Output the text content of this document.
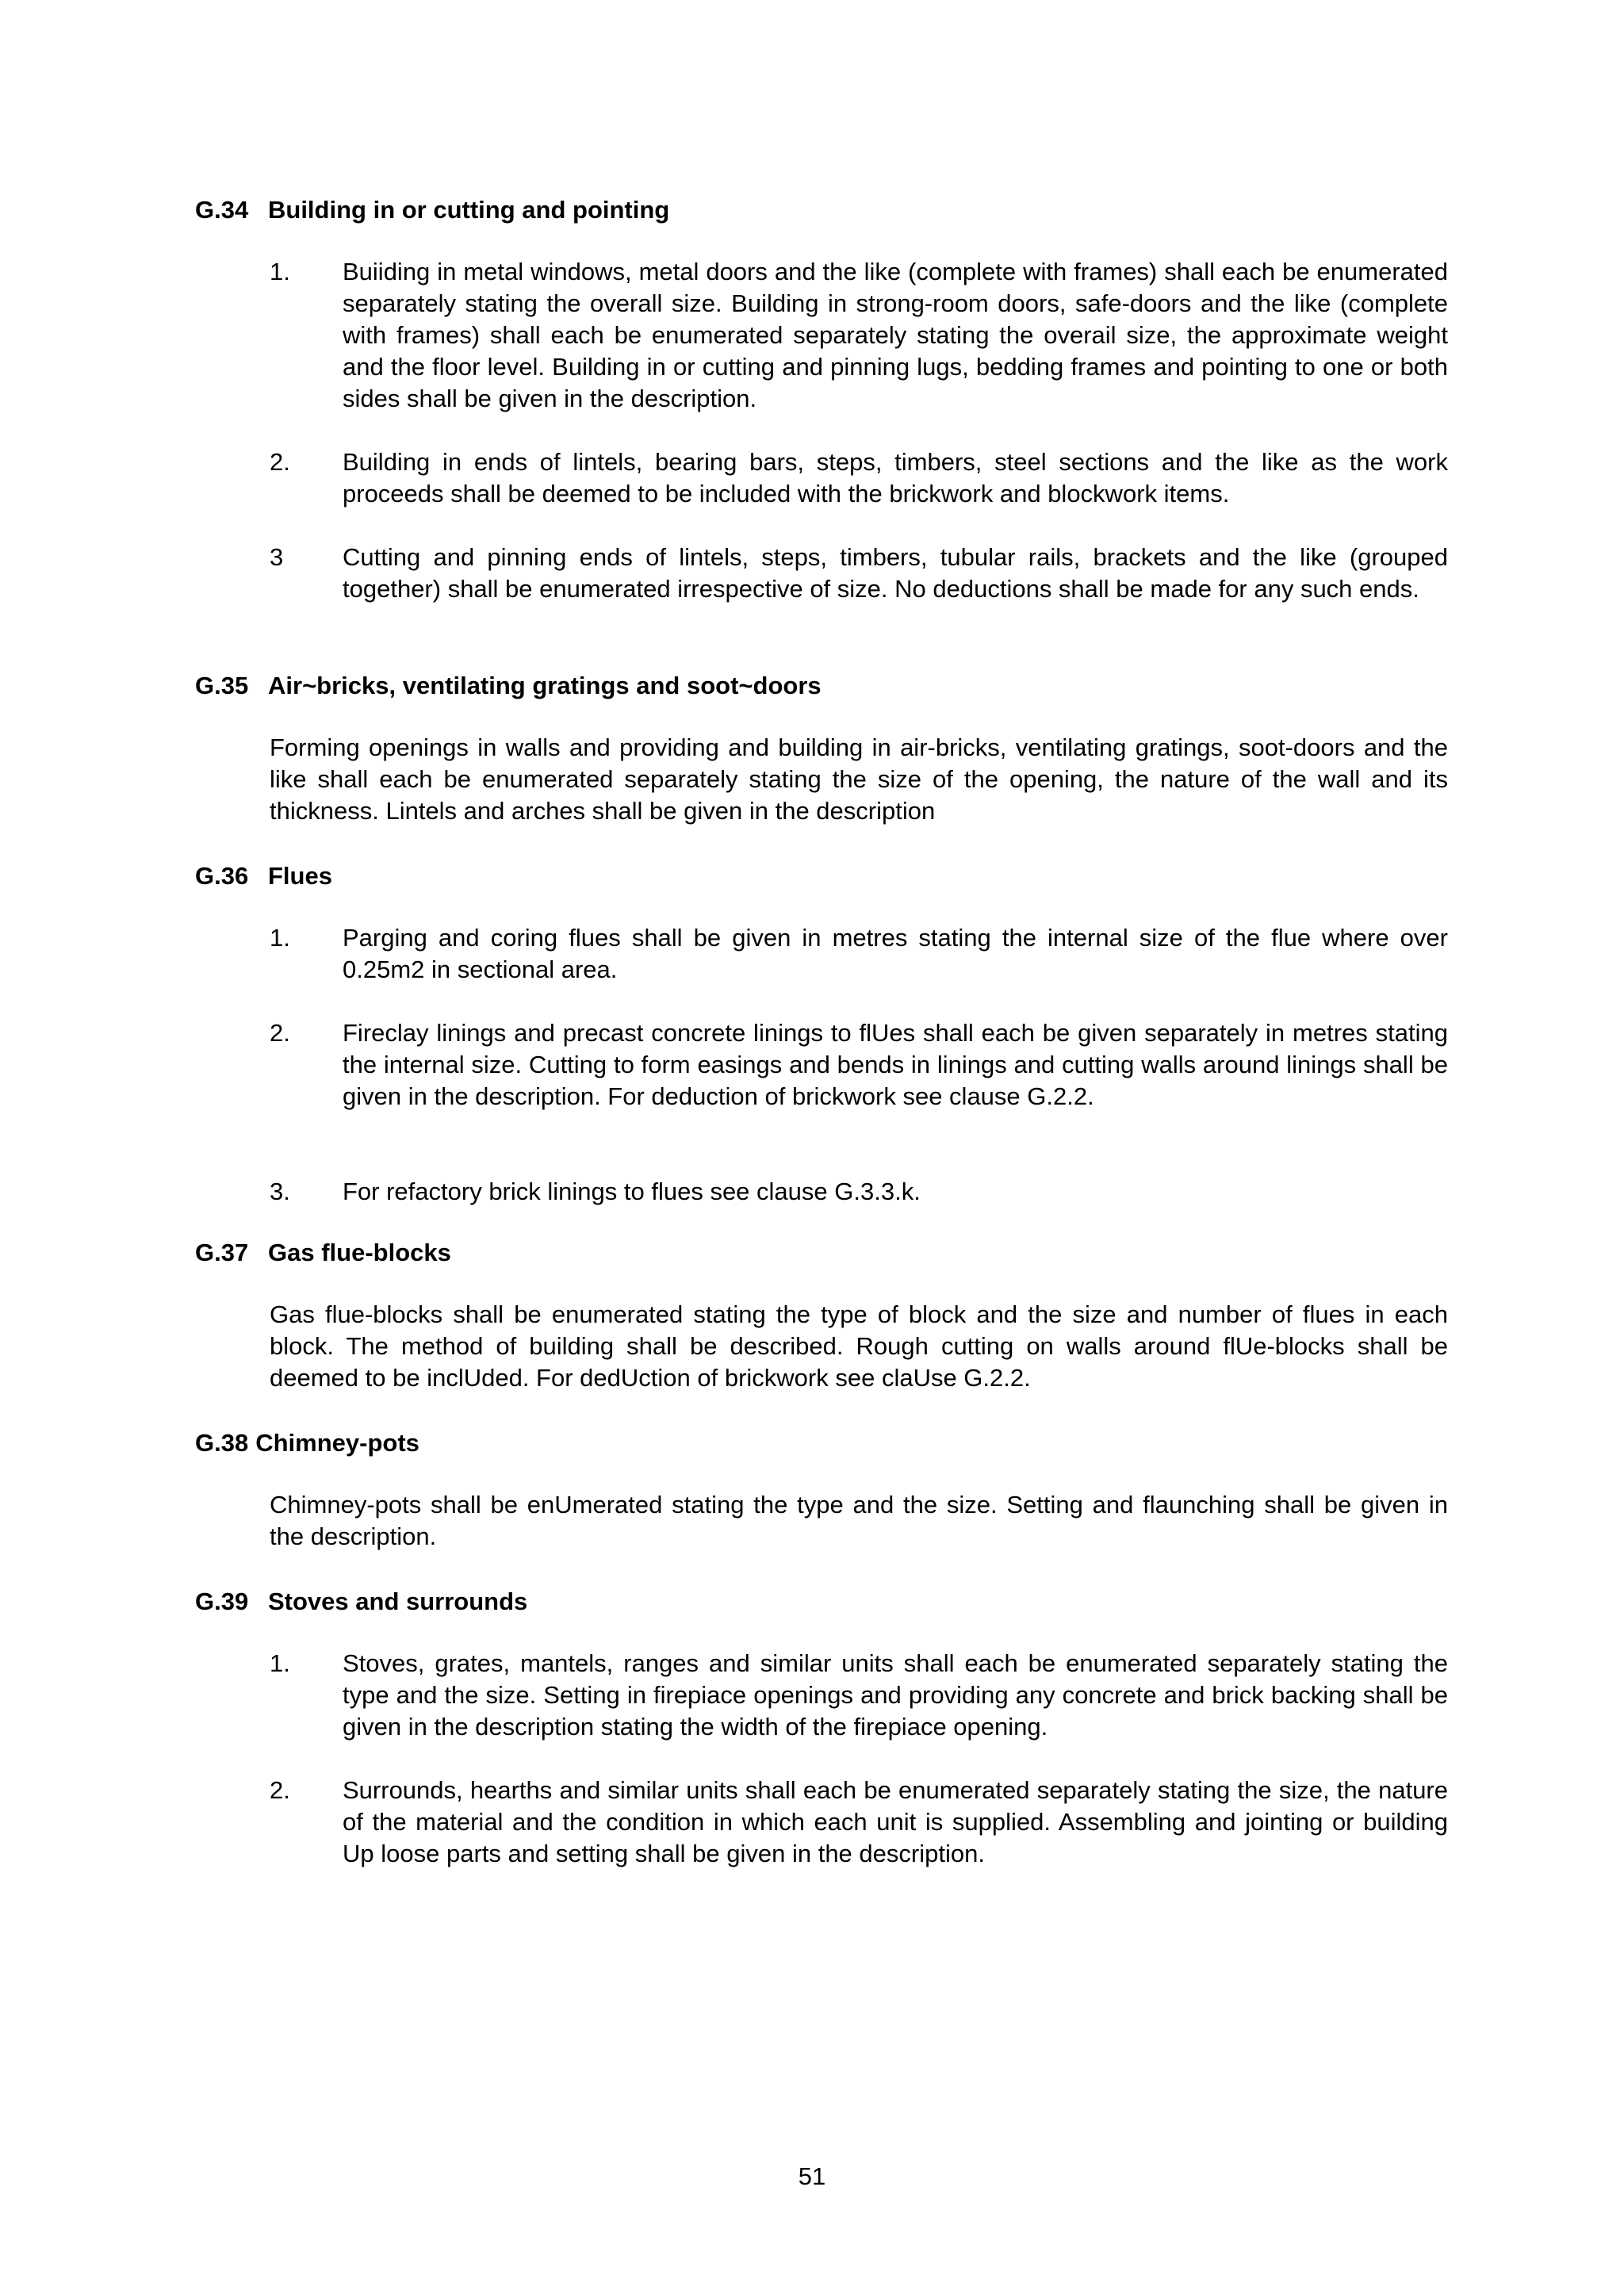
G.34 Building in or cutting and pointing

1. Buiiding in metal windows, metal doors and the like (complete with frames) shall each be enumerated separately stating the overall size. Building in strong-room doors, safe-doors and the like (complete with frames) shall each be enumerated separately stating the overail size, the approximate weight and the floor level. Building in or cutting and pinning lugs, bedding frames and pointing to one or both sides shall be given in the description.
2. Building in ends of lintels, bearing bars, steps, timbers, steel sections and the like as the work proceeds shall be deemed to be included with the brickwork and blockwork items.
3 Cutting and pinning ends of lintels, steps, timbers, tubular rails, brackets and the like (grouped together) shall be enumerated irrespective of size. No deductions shall be made for any such ends.

G.35 Air~bricks, ventilating gratings and soot~doors

Forming openings in walls and providing and building in air-bricks, ventilating gratings, soot-doors and the like shall each be enumerated separately stating the size of the opening, the nature of the wall and its thickness. Lintels and arches shall be given in the description

G.36 Flues

1. Parging and coring flues shall be given in metres stating the internal size of the flue where over 0.25m2 in sectional area.
2. Fireclay linings and precast concrete linings to flUes shall each be given separately in metres stating the internal size. Cutting to form easings and bends in linings and cutting walls around linings shall be given in the description. For deduction of brickwork see clause G.2.2.
3. For refactory brick linings to flues see clause G.3.3.k.

G.37 Gas flue-blocks

Gas flue-blocks shall be enumerated stating the type of block and the size and number of flues in each block. The method of building shall be described. Rough cutting on walls around flUe-blocks shall be deemed to be inclUded. For dedUction of brickwork see claUse G.2.2.

G.38 Chimney-pots

Chimney-pots shall be enUmerated stating the type and the size. Setting and flaunching shall be given in the description.

G.39 Stoves and surrounds

1. Stoves, grates, mantels, ranges and similar units shall each be enumerated separately stating the type and the size. Setting in firepiace openings and providing any concrete and brick backing shall be given in the description stating the width of the firepiace opening.
2. Surrounds, hearths and similar units shall each be enumerated separately stating the size, the nature of the material and the condition in which each unit is supplied. Assembling and jointing or building Up loose parts and setting shall be given in the description.
51
